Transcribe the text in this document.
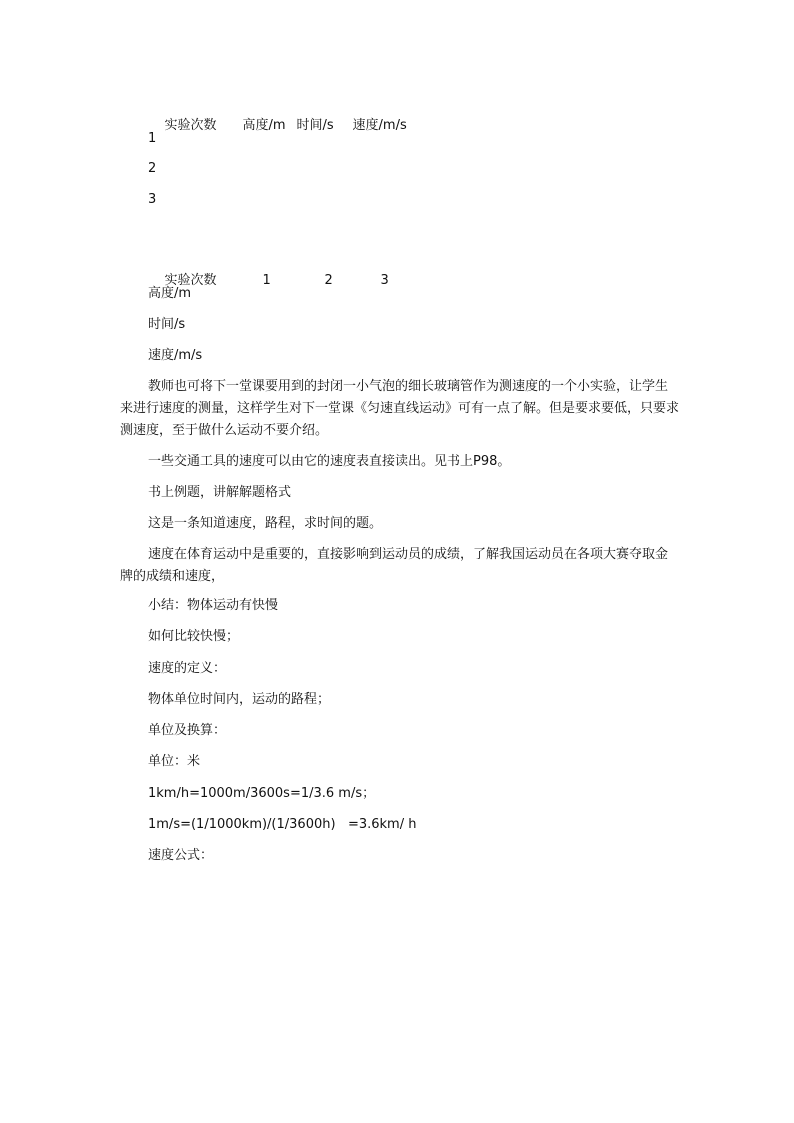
实验次数 高度/m 时间/s 速度/m/s

1
2
3

实验次数	1	2	3

高度/m
时间/s
速度/m/s
教师也可将下一堂课要用到的封闭一小气泡的细长玻璃管作为测速度的一个小实验，让学生来进行速度的测量，这样学生对下一堂课《匀速直线运动》可有一点了解。但是要求要低，只要求测速度，至于做什么运动不要介绍。
一些交通工具的速度可以由它的速度表直接读出。见书上P98。
书上例题，讲解解题格式
这是一条知道速度，路程，求时间的题。
速度在体育运动中是重要的，直接影响到运动员的成绩，了解我国运动员在各项大赛夺取金牌的成绩和速度，
小结：物体运动有快慢
如何比较快慢；
速度的定义：
物体单位时间内，运动的路程；
单位及换算：
单位：米
1km/h=1000m/3600s=1/3.6 m/s；
1m/s=(1/1000km)/(1/3600h)   =3.6km/ h
速度公式：
